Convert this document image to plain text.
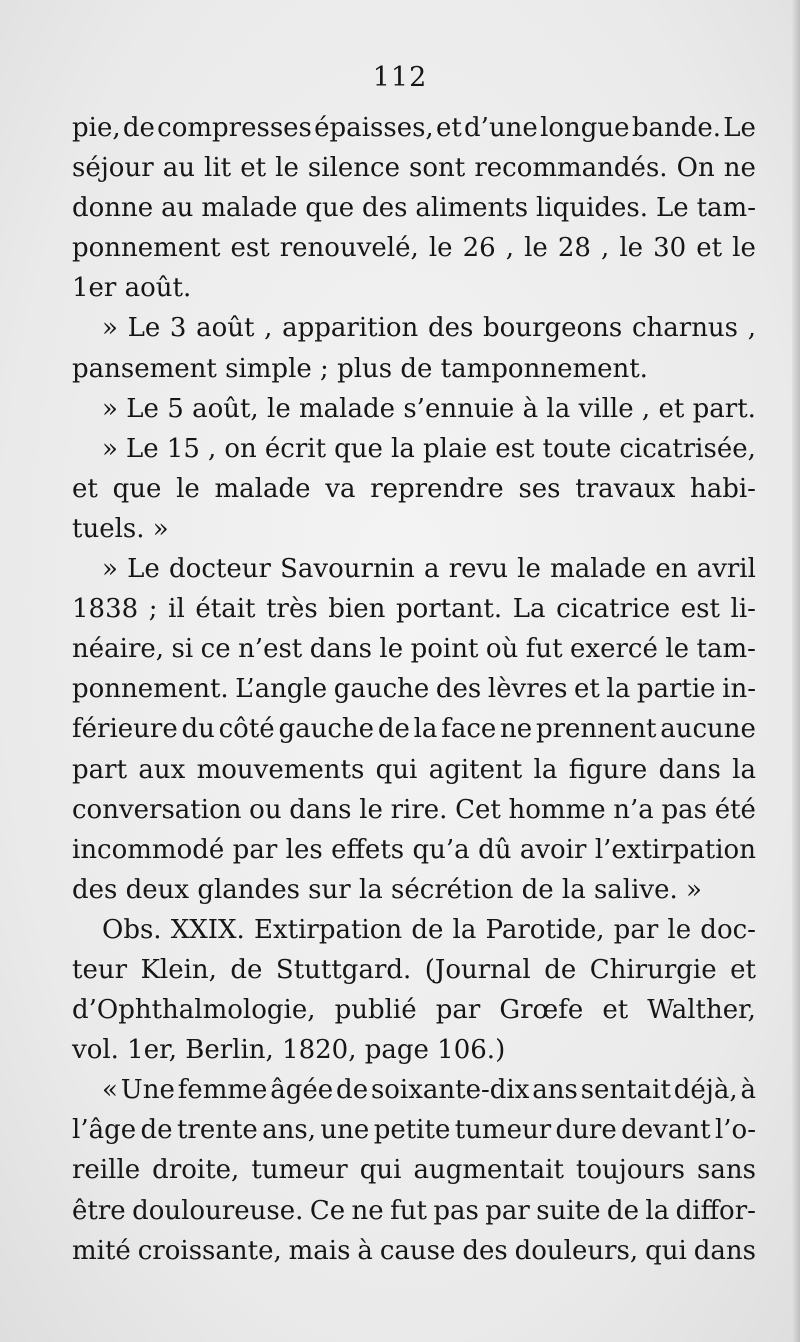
112
pie, de compresses épaisses, et d’une longue bande. Le
séjour au lit et le silence sont recommandés. On ne
donne au malade que des aliments liquides. Le tam-
ponnement est renouvelé, le 26 , le 28 , le 30 et le
1er août.
» Le 3 août , apparition des bourgeons charnus ,
pansement simple ; plus de tamponnement.
» Le 5 août, le malade s’ennuie à la ville , et part.
» Le 15 , on écrit que la plaie est toute cicatrisée,
et que le malade va reprendre ses travaux habi-
tuels. »
» Le docteur Savournin a revu le malade en avril
1838 ; il était très bien portant. La cicatrice est li-
néaire, si ce n’est dans le point où fut exercé le tam-
ponnement. L’angle gauche des lèvres et la partie in-
férieure du côté gauche de la face ne prennent aucune
part aux mouvements qui agitent la figure dans la
conversation ou dans le rire. Cet homme n’a pas été
incommodé par les effets qu’a dû avoir l’extirpation
des deux glandes sur la sécrétion de la salive. »
Obs. XXIX. Extirpation de la Parotide, par le doc-
teur Klein, de Stuttgard. (Journal de Chirurgie et
d’Ophthalmologie, publié par Grœfe et Walther,
vol. 1er, Berlin, 1820, page 106.)
« Une femme âgée de soixante-dix ans sentait déjà, à
l’âge de trente ans, une petite tumeur dure devant l’o-
reille droite, tumeur qui augmentait toujours sans
être douloureuse. Ce ne fut pas par suite de la diffor-
mité croissante, mais à cause des douleurs, qui dans
